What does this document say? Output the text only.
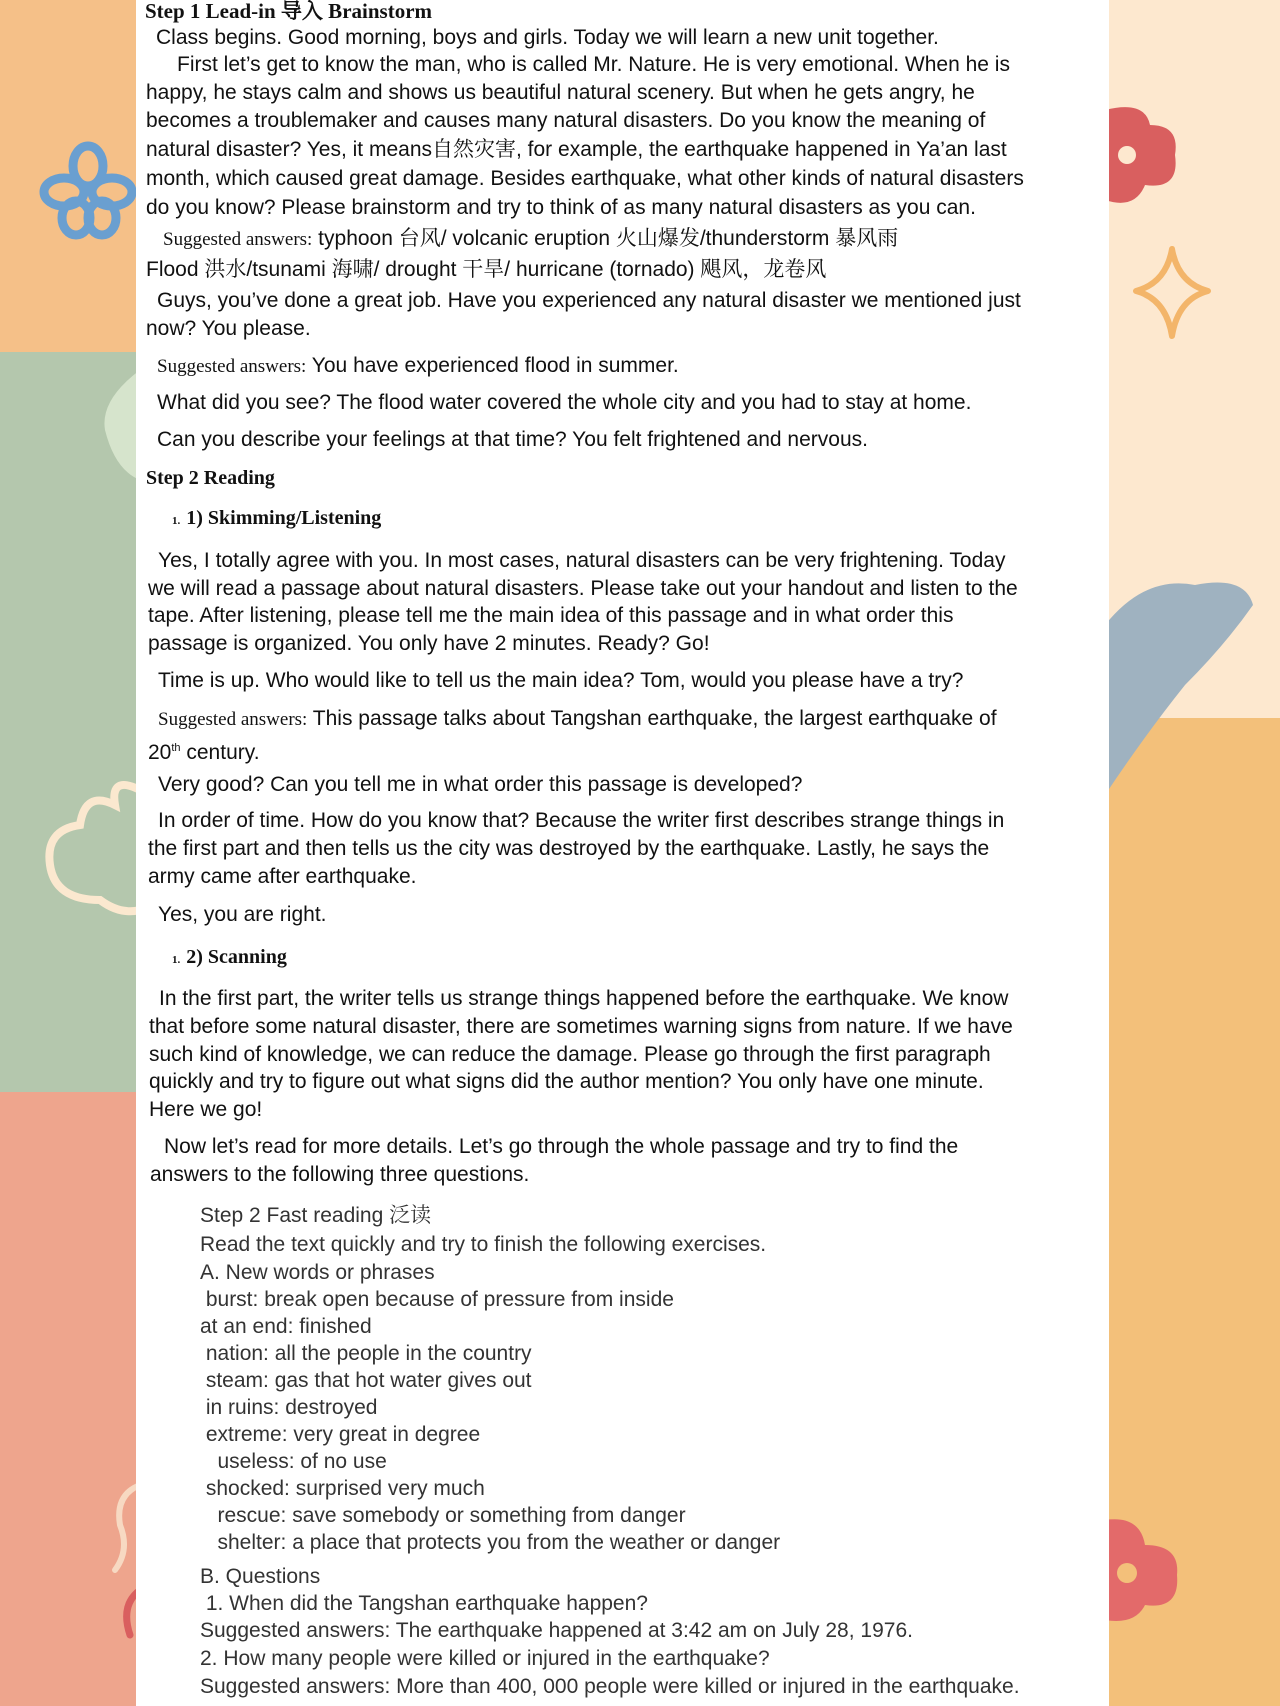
Step 1 Lead-in 导入 Brainstorm
Class begins. Good morning, boys and girls. Today we will learn a new unit together.
First let’s get to know the man, who is called Mr. Nature. He is very emotional. When he is
happy, he stays calm and shows us beautiful natural scenery. But when he gets angry, he
becomes a troublemaker and causes many natural disasters. Do you know the meaning of
natural disaster? Yes, it means自然灾害, for example, the earthquake happened in Ya’an last
month, which caused great damage. Besides earthquake, what other kinds of natural disasters
do you know? Please brainstorm and try to think of as many natural disasters as you can.
Suggested answers: typhoon 台风/ volcanic eruption 火山爆发/thunderstorm 暴风雨
Flood 洪水/tsunami 海啸/ drought 干旱/ hurricane (tornado) 飓风，龙卷风
Guys, you’ve done a great job. Have you experienced any natural disaster we mentioned just
now? You please.
Suggested answers: You have experienced flood in summer.
What did you see? The flood water covered the whole city and you had to stay at home.
Can you describe your feelings at that time? You felt frightened and nervous.
Step 2 Reading
1. 1) Skimming/Listening
Yes, I totally agree with you. In most cases, natural disasters can be very frightening. Today
we will read a passage about natural disasters. Please take out your handout and listen to the
tape. After listening, please tell me the main idea of this passage and in what order this
passage is organized. You only have 2 minutes. Ready? Go!
Time is up. Who would like to tell us the main idea? Tom, would you please have a try?
Suggested answers: This passage talks about Tangshan earthquake, the largest earthquake of
20th century.
Very good? Can you tell me in what order this passage is developed?
In order of time. How do you know that? Because the writer first describes strange things in
the first part and then tells us the city was destroyed by the earthquake. Lastly, he says the
army came after earthquake.
Yes, you are right.
1. 2) Scanning
In the first part, the writer tells us strange things happened before the earthquake. We know
that before some natural disaster, there are sometimes warning signs from nature. If we have
such kind of knowledge, we can reduce the damage. Please go through the first paragraph
quickly and try to figure out what signs did the author mention? You only have one minute.
Here we go!
Now let’s read for more details. Let’s go through the whole passage and try to find the
answers to the following three questions.
Step 2 Fast reading 泛读
Read the text quickly and try to finish the following exercises.
A. New words or phrases
burst: break open because of pressure from inside
at an end: finished
nation: all the people in the country
steam: gas that hot water gives out
in ruins: destroyed
extreme: very great in degree
useless: of no use
shocked: surprised very much
rescue: save somebody or something from danger
shelter: a place that protects you from the weather or danger
B. Questions
1. When did the Tangshan earthquake happen?
Suggested answers: The earthquake happened at 3:42 am on July 28, 1976.
2. How many people were killed or injured in the earthquake?
Suggested answers: More than 400, 000 people were killed or injured in the earthquake.
